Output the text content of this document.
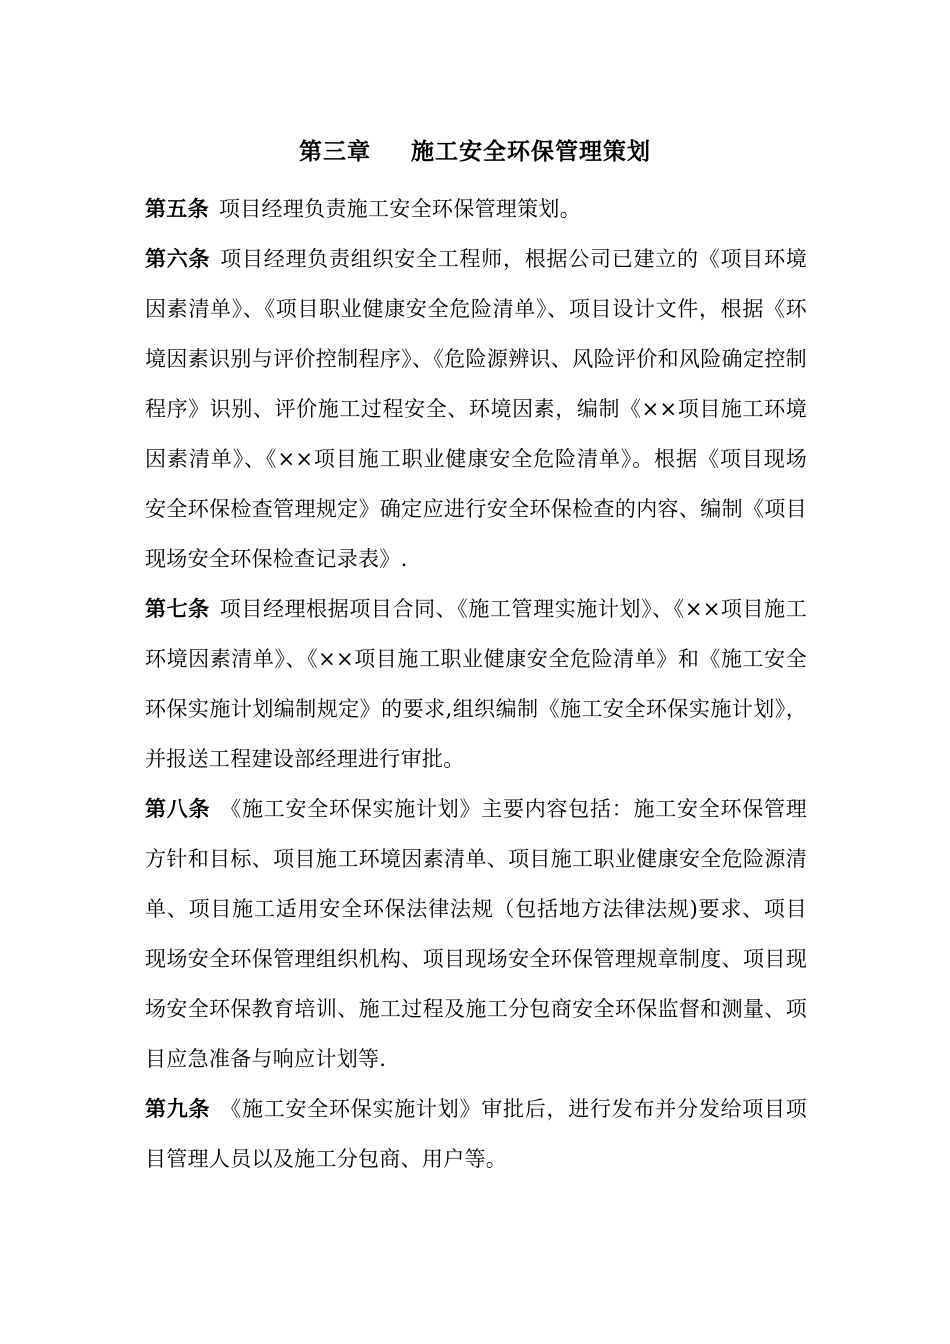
第三章 施工安全环保管理策划

第五条 项目经理负责施工安全环保管理策划。

第六条 项目经理负责组织安全工程师，根据公司已建立的《项目环境因素清单》、《项目职业健康安全危险清单》、项目设计文件，根据《环境因素识别与评价控制程序》、《危险源辨识、风险评价和风险确定控制程序》识别、评价施工过程安全、环境因素，编制《××项目施工环境因素清单》、《××项目施工职业健康安全危险清单》。根据《项目现场安全环保检查管理规定》确定应进行安全环保检查的内容、编制《项目现场安全环保检查记录表》.

第七条 项目经理根据项目合同、《施工管理实施计划》、《××项目施工环境因素清单》、《××项目施工职业健康安全危险清单》和《施工安全环保实施计划编制规定》的要求,组织编制《施工安全环保实施计划》，并报送工程建设部经理进行审批。

第八条 《施工安全环保实施计划》主要内容包括：施工安全环保管理方针和目标、项目施工环境因素清单、项目施工职业健康安全危险源清单、项目施工适用安全环保法律法规（包括地方法律法规)要求、项目现场安全环保管理组织机构、项目现场安全环保管理规章制度、项目现场安全环保教育培训、施工过程及施工分包商安全环保监督和测量、项目应急准备与响应计划等.

第九条 《施工安全环保实施计划》审批后，进行发布并分发给项目项目管理人员以及施工分包商、用户等。
